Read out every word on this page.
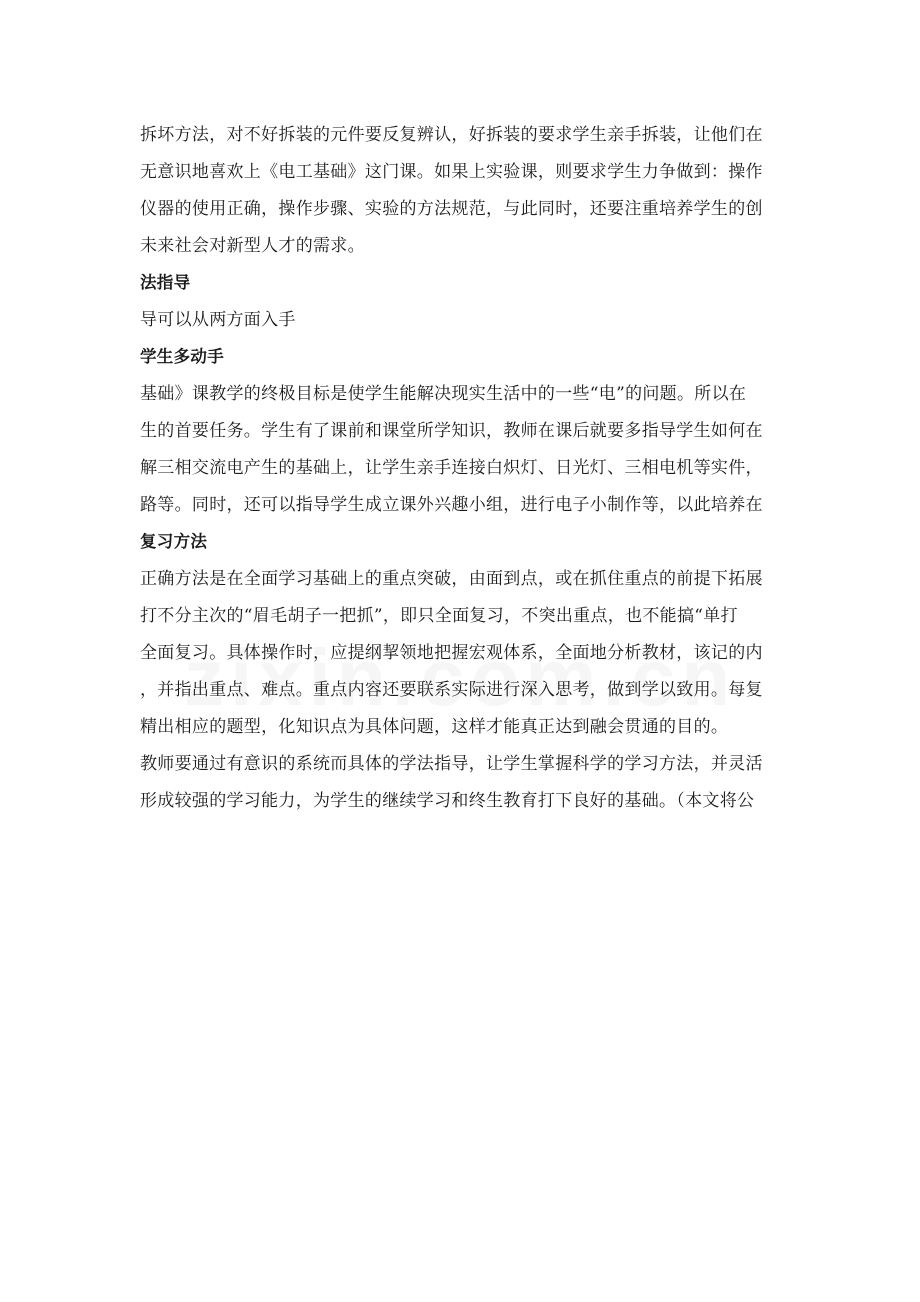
拆坏方法，对不好拆装的元件要反复辨认，好拆装的要求学生亲手拆装，让他们在
无意识地喜欢上《电工基础》这门课。如果上实验课，则要求学生力争做到：操作
仪器的使用正确，操作步骤、实验的方法规范，与此同时，还要注重培养学生的创
未来社会对新型人才的需求。
法指导
导可以从两方面入手
学生多动手
基础》课教学的终极目标是使学生能解决现实生活中的一些“电”的问题。所以在
生的首要任务。学生有了课前和课堂所学知识，教师在课后就要多指导学生如何在
解三相交流电产生的基础上，让学生亲手连接白炽灯、日光灯、三相电机等实件，
路等。同时，还可以指导学生成立课外兴趣小组，进行电子小制作等，以此培养在
复习方法
正确方法是在全面学习基础上的重点突破，由面到点，或在抓住重点的前提下拓展
打不分主次的“眉毛胡子一把抓”，即只全面复习，不突出重点，也不能搞“单打
全面复习。具体操作时，应提纲挈领地把握宏观体系，全面地分析教材，该记的内
，并指出重点、难点。重点内容还要联系实际进行深入思考，做到学以致用。每复
精出相应的题型，化知识点为具体问题，这样才能真正达到融会贯通的目的。
教师要通过有意识的系统而具体的学法指导，让学生掌握科学的学习方法，并灵活
形成较强的学习能力，为学生的继续学习和终生教育打下良好的基础。（本文将公
